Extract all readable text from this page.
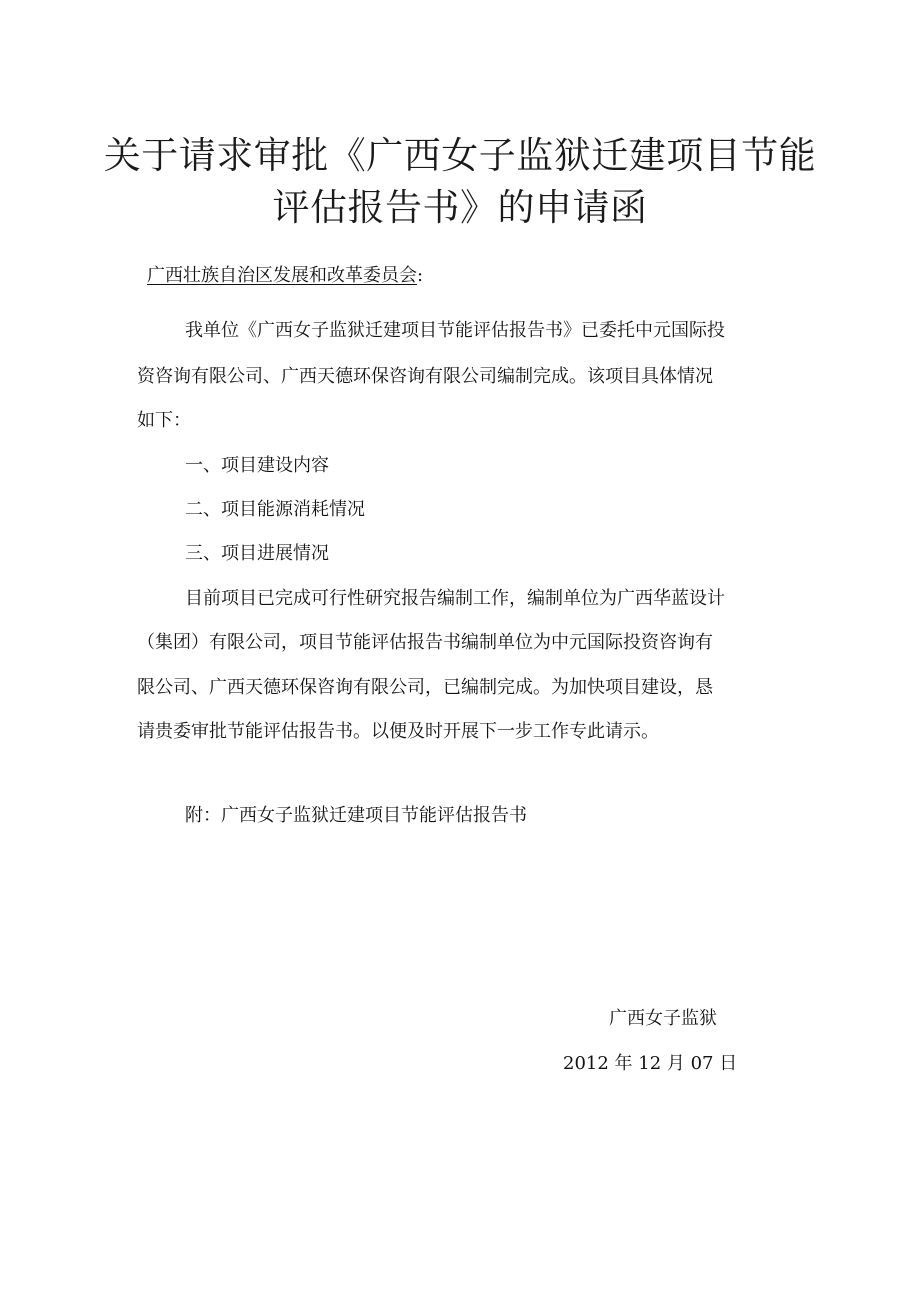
关于请求审批《广西女子监狱迁建项目节能
评估报告书》的申请函
广西壮族自治区发展和改革委员会:
我单位《广西女子监狱迁建项目节能评估报告书》已委托中元国际投
资咨询有限公司、广西天德环保咨询有限公司编制完成。该项目具体情况
如下：
一、项目建设内容
二、项目能源消耗情况
三、项目进展情况
目前项目已完成可行性研究报告编制工作，编制单位为广西华蓝设计
（集团）有限公司，项目节能评估报告书编制单位为中元国际投资咨询有
限公司、广西天德环保咨询有限公司，已编制完成。为加快项目建设，恳
请贵委审批节能评估报告书。以便及时开展下一步工作专此请示。
附：广西女子监狱迁建项目节能评估报告书
广西女子监狱
2012 年 12 月 07 日
